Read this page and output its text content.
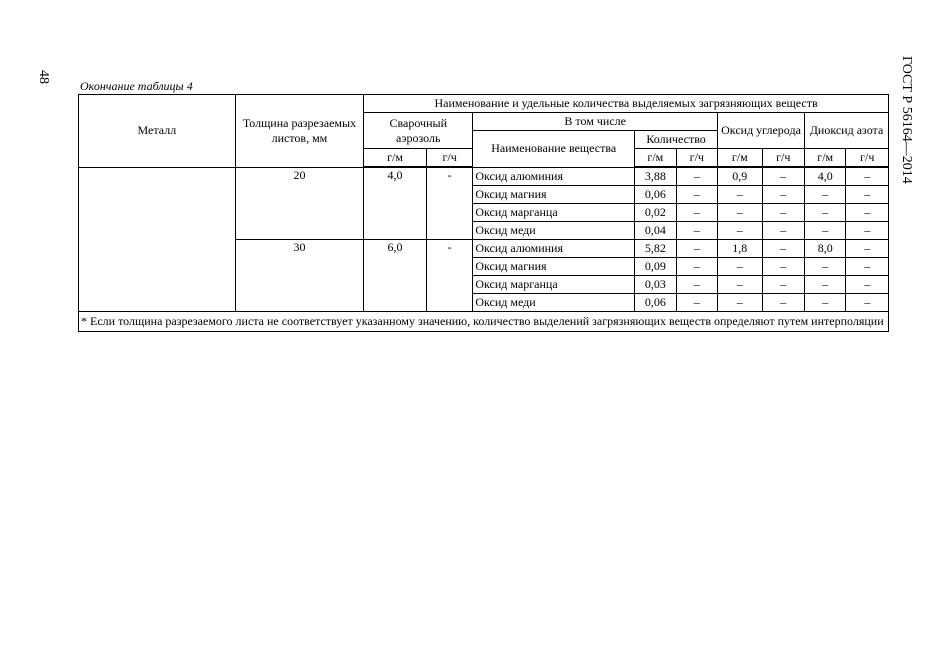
48	ГОСТ Р 56164—2014
Окончание таблицы 4
Металл	Толщина разрезаемых листов, мм	Наименование и удельные количества выделяемых загрязняющих веществ								
		Сварочный аэрозоль		В том числе			Оксид углерода		Диоксид азота	
				Наименование вещества	Количество					
		г/м	г/ч		г/м	г/ч	г/м	г/ч	г/м	г/ч
	20	4,0	-	Оксид алюминия	3,88	–	0,9	–	4,0	–
				Оксид магния	0,06	–	–	–	–	–
				Оксид марганца	0,02	–	–	–	–	–
				Оксид меди	0,04	–	–	–	–	–
	30	6,0	-	Оксид алюминия	5,82	–	1,8	–	8,0	–
				Оксид магния	0,09	–	–	–	–	–
				Оксид марганца	0,03	–	–	–	–	–
				Оксид меди	0,06	–	–	–	–	–
* Если толщина разрезаемого листа не соответствует указанному значению, количество выделений загрязняющих веществ определяют путем интерполяции										
